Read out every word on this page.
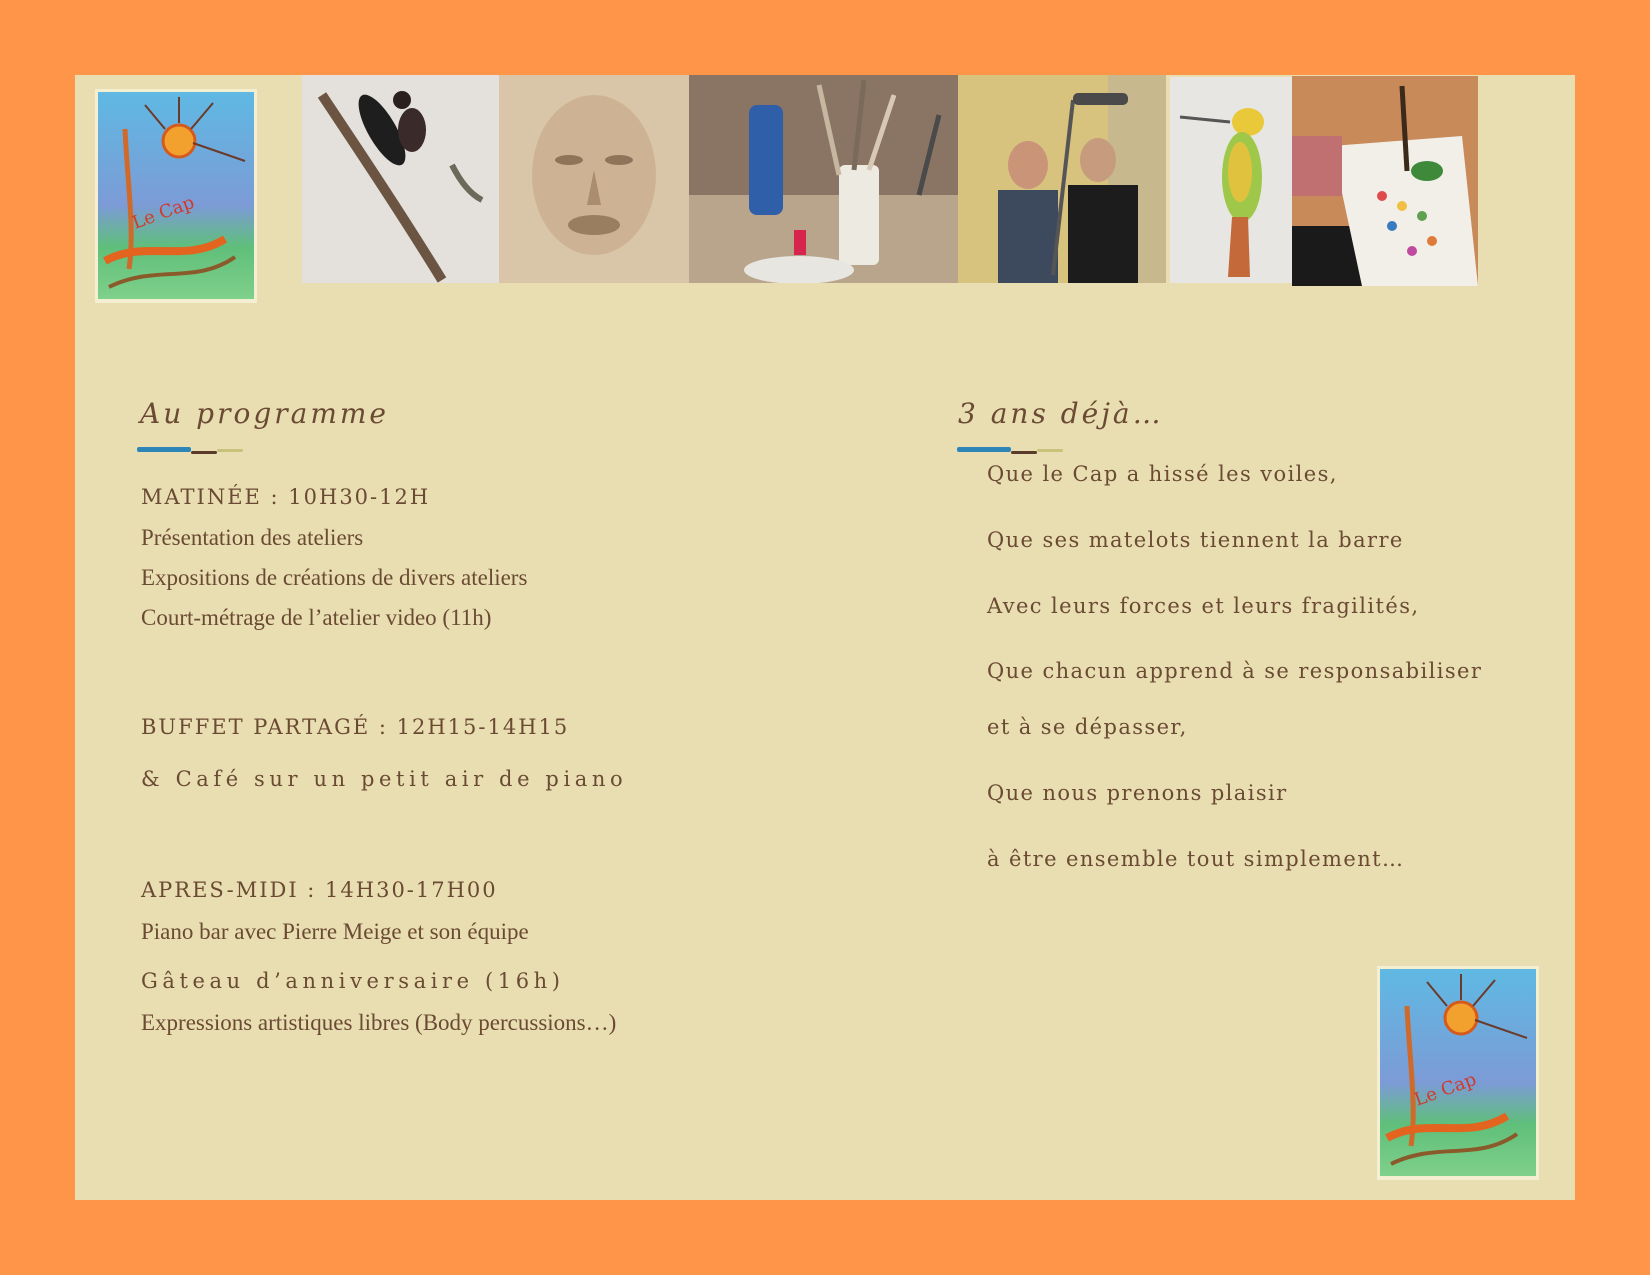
Le Cap
Au programme

MATINÉE : 10H30-12H

Présentation des ateliers

Expositions de créations de divers ateliers

Court-métrage de l’atelier video (11h)

BUFFET PARTAGÉ : 12H15-14H15

& Café sur un petit air de piano

APRES-MIDI : 14H30-17H00

Piano bar avec Pierre Meige et son équipe

Gâteau d’anniversaire (16h)

Expressions artistiques libres (Body percussions…)

3 ans déjà…

Que le Cap a hissé les voiles,

Que ses matelots tiennent la barre

Avec leurs forces et leurs fragilités,

Que chacun apprend à se responsabiliser

et à se dépasser,

Que nous prenons plaisir

à être ensemble tout simplement…

Le Cap
